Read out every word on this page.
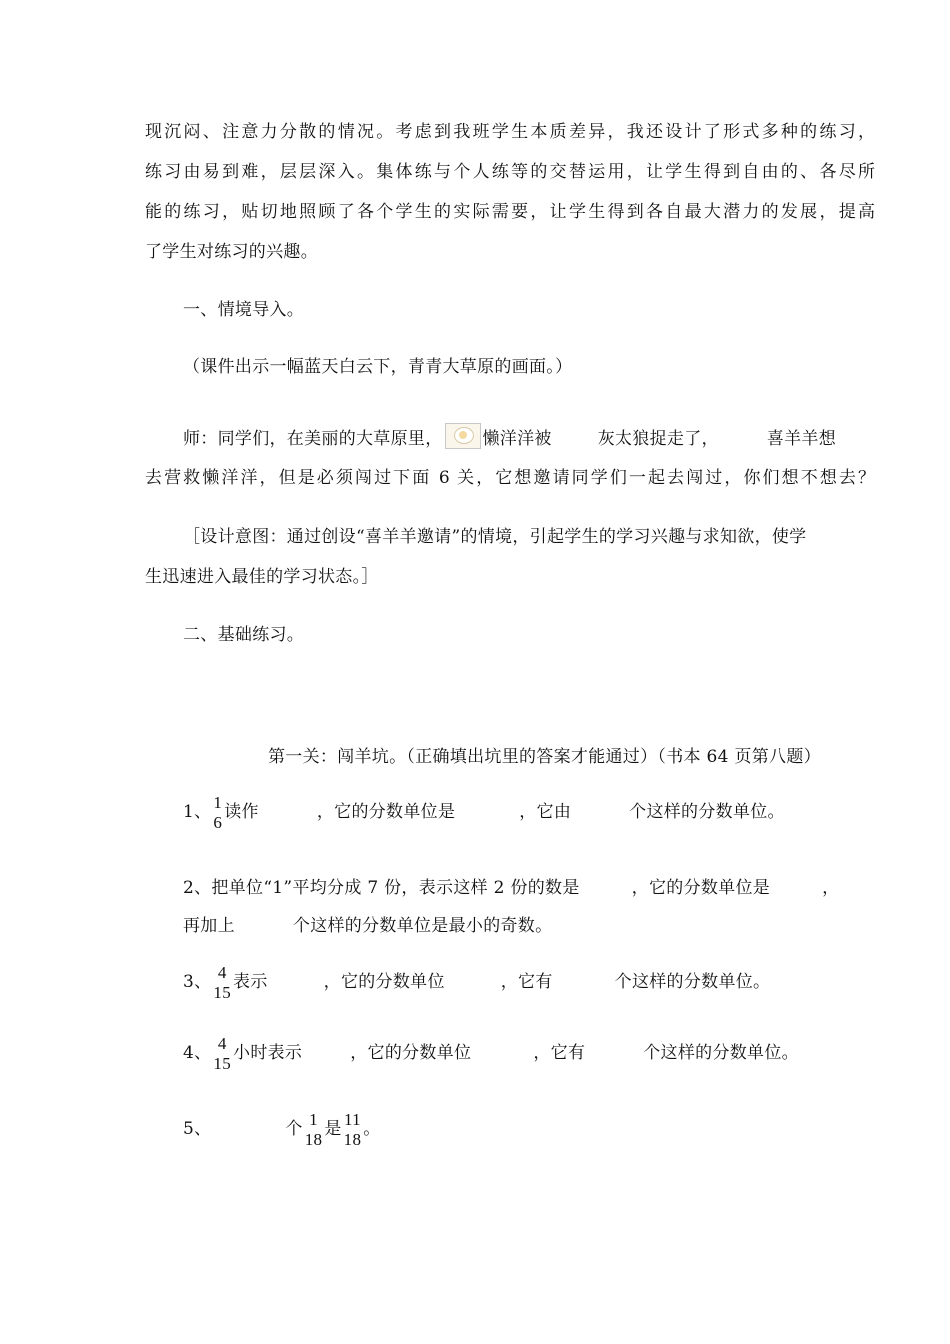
现沉闷、注意力分散的情况。考虑到我班学生本质差异，我还设计了形式多种的练习，
练习由易到难，层层深入。集体练与个人练等的交替运用，让学生得到自由的、各尽所
能的练习，贴切地照顾了各个学生的实际需要，让学生得到各自最大潜力的发展，提高
了学生对练习的兴趣。
一、情境导入。
（课件出示一幅蓝天白云下，青青大草原的画面。）
师：同学们，在美丽的大草原里， 懒洋洋被	灰太狼捉走了，	喜羊羊想
去营救懒洋洋，但是必须闯过下面 6 关，它想邀请同学们一起去闯过，你们想不想去？
［设计意图：通过创设“喜羊羊邀请”的情境，引起学生的学习兴趣与求知欲，使学
生迅速进入最佳的学习状态。］
二、基础练习。
第一关：闯羊坑。（正确填出坑里的答案才能通过）（书本 64 页第八题）
1、 1
6 读作	，它的分数单位是	，它由	个这样的分数单位。
2、把单位“1”平均分成 7 份，表示这样 2 份的数是	，它的分数单位是	，
再加上	个这样的分数单位是最小的奇数。
3、 4
15 表示	，它的分数单位	，它有	个这样的分数单位。
4、 4
15 小时表示	，它的分数单位	，它有	个这样的分数单位。
5、	个 1
18 是 11
18 。
